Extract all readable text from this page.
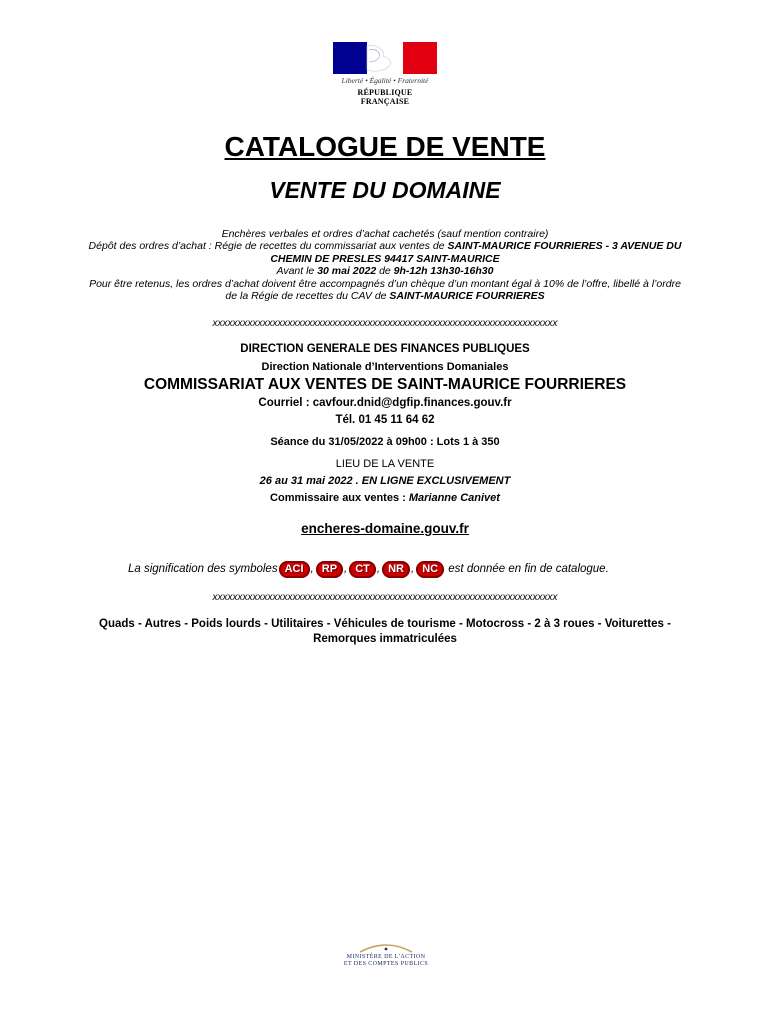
Liberté • Égalité • Fraternité
RÉPUBLIQUE FRANÇAISE
CATALOGUE DE VENTE
VENTE DU DOMAINE
Enchères verbales et ordres d’achat cachetés (sauf mention contraire)
Dépôt des ordres d’achat : Régie de recettes du commissariat aux ventes de SAINT-MAURICE FOURRIERES - 3 AVENUE DU
CHEMIN DE PRESLES 94417 SAINT-MAURICE
Avant le 30 mai 2022 de 9h-12h 13h30-16h30
Pour être retenus, les ordres d’achat doivent être accompagnés d’un chèque d’un montant égal à 10% de l’offre, libellé à l’ordre
de la Régie de recettes du CAV de SAINT-MAURICE FOURRIERES
xxxxxxxxxxxxxxxxxxxxxxxxxxxxxxxxxxxxxxxxxxxxxxxxxxxxxxxxxxxxxxxxxxxxx
DIRECTION GENERALE DES FINANCES PUBLIQUES
Direction Nationale d’Interventions Domaniales
COMMISSARIAT AUX VENTES DE SAINT-MAURICE FOURRIERES
Courriel : cavfour.dnid@dgfip.finances.gouv.fr
Tél. 01 45 11 64 62
Séance du 31/05/2022 à 09h00 : Lots 1 à 350
LIEU DE LA VENTE
26 au 31 mai 2022 . EN LIGNE EXCLUSIVEMENT
Commissaire aux ventes : Marianne Canivet
encheres-domaine.gouv.fr
La signification des symboles ACI , RP , CT , NR , NC est donnée en fin de catalogue.
xxxxxxxxxxxxxxxxxxxxxxxxxxxxxxxxxxxxxxxxxxxxxxxxxxxxxxxxxxxxxxxxxxxxx
Quads - Autres - Poids lourds - Utilitaires - Véhicules de tourisme - Motocross - 2 à 3 roues - Voiturettes -
Remorques immatriculées
MINISTÈRE DE L'ACTION
ET DES COMPTES PUBLICS
